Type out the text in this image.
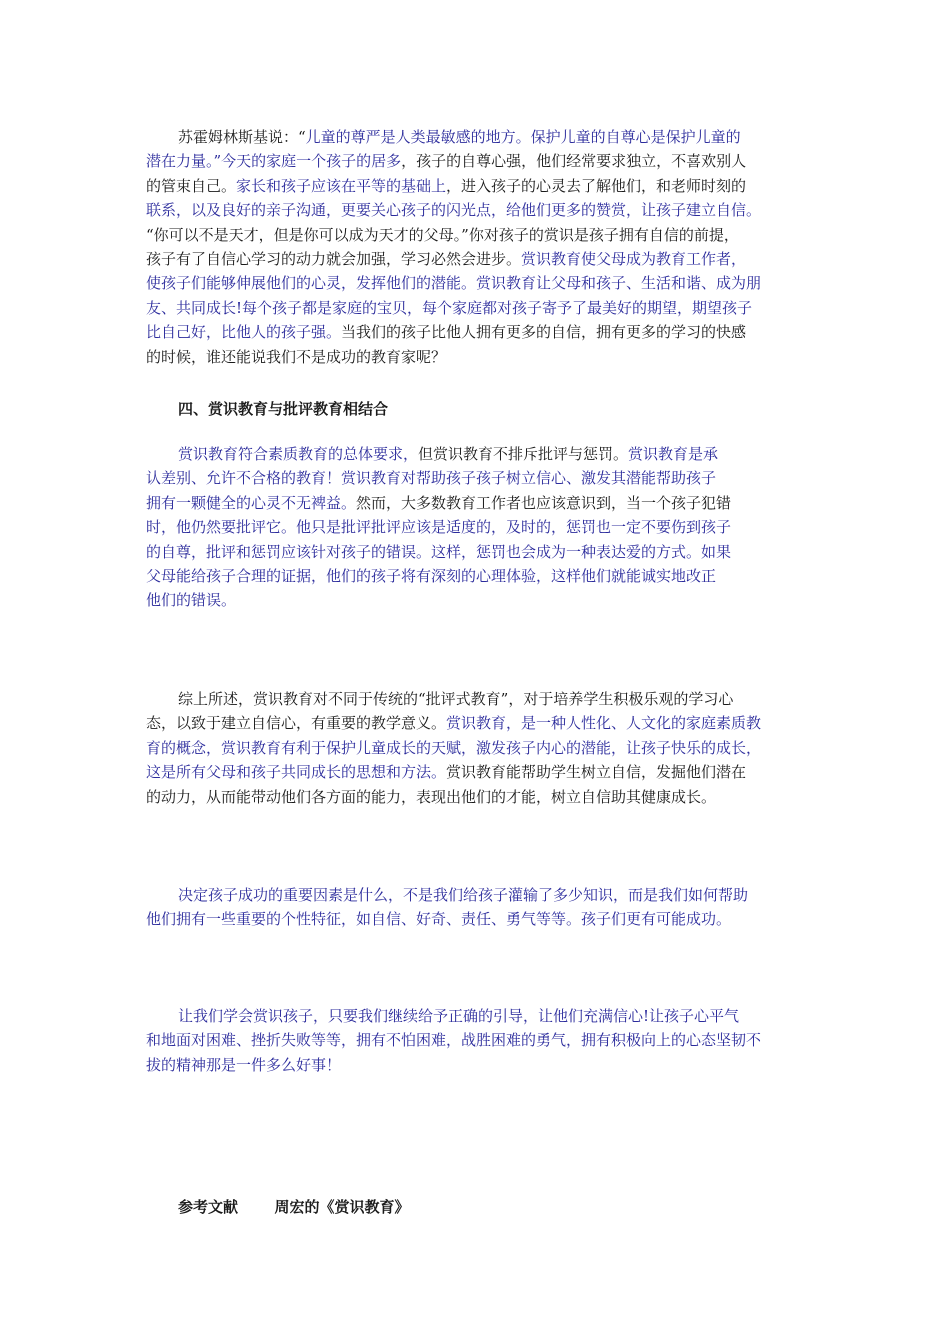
苏霍姆林斯基说：“儿童的尊严是人类最敏感的地方。保护儿童的自尊心是保护儿童的
潜在力量。”今天的家庭一个孩子的居多，孩子的自尊心强，他们经常要求独立，不喜欢别人
的管束自己。家长和孩子应该在平等的基础上，进入孩子的心灵去了解他们，和老师时刻的
联系，以及良好的亲子沟通，更要关心孩子的闪光点，给他们更多的赞赏，让孩子建立自信。
“你可以不是天才，但是你可以成为天才的父母。”你对孩子的赏识是孩子拥有自信的前提，
孩子有了自信心学习的动力就会加强，学习必然会进步。赏识教育使父母成为教育工作者，
使孩子们能够伸展他们的心灵，发挥他们的潜能。赏识教育让父母和孩子、生活和谐、成为朋
友、共同成长!每个孩子都是家庭的宝贝，每个家庭都对孩子寄予了最美好的期望，期望孩子
比自己好，比他人的孩子强。当我们的孩子比他人拥有更多的自信，拥有更多的学习的快感
的时候，谁还能说我们不是成功的教育家呢？
四、赏识教育与批评教育相结合
赏识教育符合素质教育的总体要求，但赏识教育不排斥批评与惩罚。赏识教育是承
认差别、允许不合格的教育！赏识教育对帮助孩子孩子树立信心、激发其潜能帮助孩子
拥有一颗健全的心灵不无裨益。然而，大多数教育工作者也应该意识到，当一个孩子犯错
时，他仍然要批评它。他只是批评批评应该是适度的，及时的，惩罚也一定不要伤到孩子
的自尊，批评和惩罚应该针对孩子的错误。这样，惩罚也会成为一种表达爱的方式。如果
父母能给孩子合理的证据，他们的孩子将有深刻的心理体验，这样他们就能诚实地改正
他们的错误。
综上所述，赏识教育对不同于传统的“批评式教育”，对于培养学生积极乐观的学习心
态，以致于建立自信心，有重要的教学意义。赏识教育，是一种人性化、人文化的家庭素质教
育的概念，赏识教育有利于保护儿童成长的天赋，激发孩子内心的潜能，让孩子快乐的成长，
这是所有父母和孩子共同成长的思想和方法。赏识教育能帮助学生树立自信，发掘他们潜在
的动力，从而能带动他们各方面的能力，表现出他们的才能，树立自信助其健康成长。
决定孩子成功的重要因素是什么，不是我们给孩子灌输了多少知识，而是我们如何帮助
他们拥有一些重要的个性特征，如自信、好奇、责任、勇气等等。孩子们更有可能成功。
让我们学会赏识孩子，只要我们继续给予正确的引导，让他们充满信心!让孩子心平气
和地面对困难、挫折失败等等，拥有不怕困难，战胜困难的勇气，拥有积极向上的心态坚韧不
拔的精神那是一件多么好事！
参考文献 周宏的《赏识教育》
